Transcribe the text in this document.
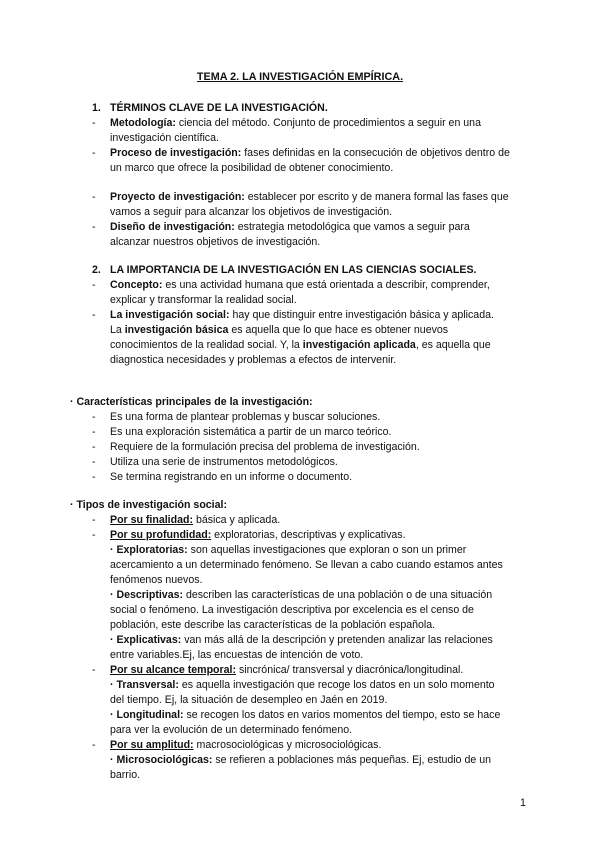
TEMA 2. LA INVESTIGACIÓN EMPÍRICA.
1. TÉRMINOS CLAVE DE LA INVESTIGACIÓN.
- Metodología: ciencia del método. Conjunto de procedimientos a seguir en una
investigación científica.
- Proceso de investigación: fases definidas en la consecución de objetivos dentro de
un marco que ofrece la posibilidad de obtener conocimiento.
- Proyecto de investigación: establecer por escrito y de manera formal las fases que
vamos a seguir para alcanzar los objetivos de investigación.
- Diseño de investigación: estrategia metodológica que vamos a seguir para
alcanzar nuestros objetivos de investigación.
2. LA IMPORTANCIA DE LA INVESTIGACIÓN EN LAS CIENCIAS SOCIALES.
- Concepto: es una actividad humana que está orientada a describir, comprender,
explicar y transformar la realidad social.
- La investigación social: hay que distinguir entre investigación básica y aplicada.
La investigación básica es aquella que lo que hace es obtener nuevos
conocimientos de la realidad social. Y, la investigación aplicada, es aquella que
diagnostica necesidades y problemas a efectos de intervenir.
· Características principales de la investigación:
- Es una forma de plantear problemas y buscar soluciones.
- Es una exploración sistemática a partir de un marco teórico.
- Requiere de la formulación precisa del problema de investigación.
- Utiliza una serie de instrumentos metodológicos.
- Se termina registrando en un informe o documento.
· Tipos de investigación social:
- Por su finalidad: básica y aplicada.
- Por su profundidad: exploratorias, descriptivas y explicativas.
· Exploratorias: son aquellas investigaciones que exploran o son un primer
acercamiento a un determinado fenómeno. Se llevan a cabo cuando estamos antes
fenómenos nuevos.
· Descriptivas: describen las características de una población o de una situación
social o fenómeno. La investigación descriptiva por excelencia es el censo de
población, este describe las características de la población española.
· Explicativas: van más allá de la descripción y pretenden analizar las relaciones
entre variables.Ej, las encuestas de intención de voto.
- Por su alcance temporal: sincrónica/ transversal y diacrónica/longitudinal.
· Transversal: es aquella investigación que recoge los datos en un solo momento
del tiempo. Ej, la situación de desempleo en Jaén en 2019.
· Longitudinal: se recogen los datos en varios momentos del tiempo, esto se hace
para ver la evolución de un determinado fenómeno.
- Por su amplitud: macrosociológicas y microsociológicas.
· Microsociológicas: se refieren a poblaciones más pequeñas. Ej, estudio de un
barrio.
1
